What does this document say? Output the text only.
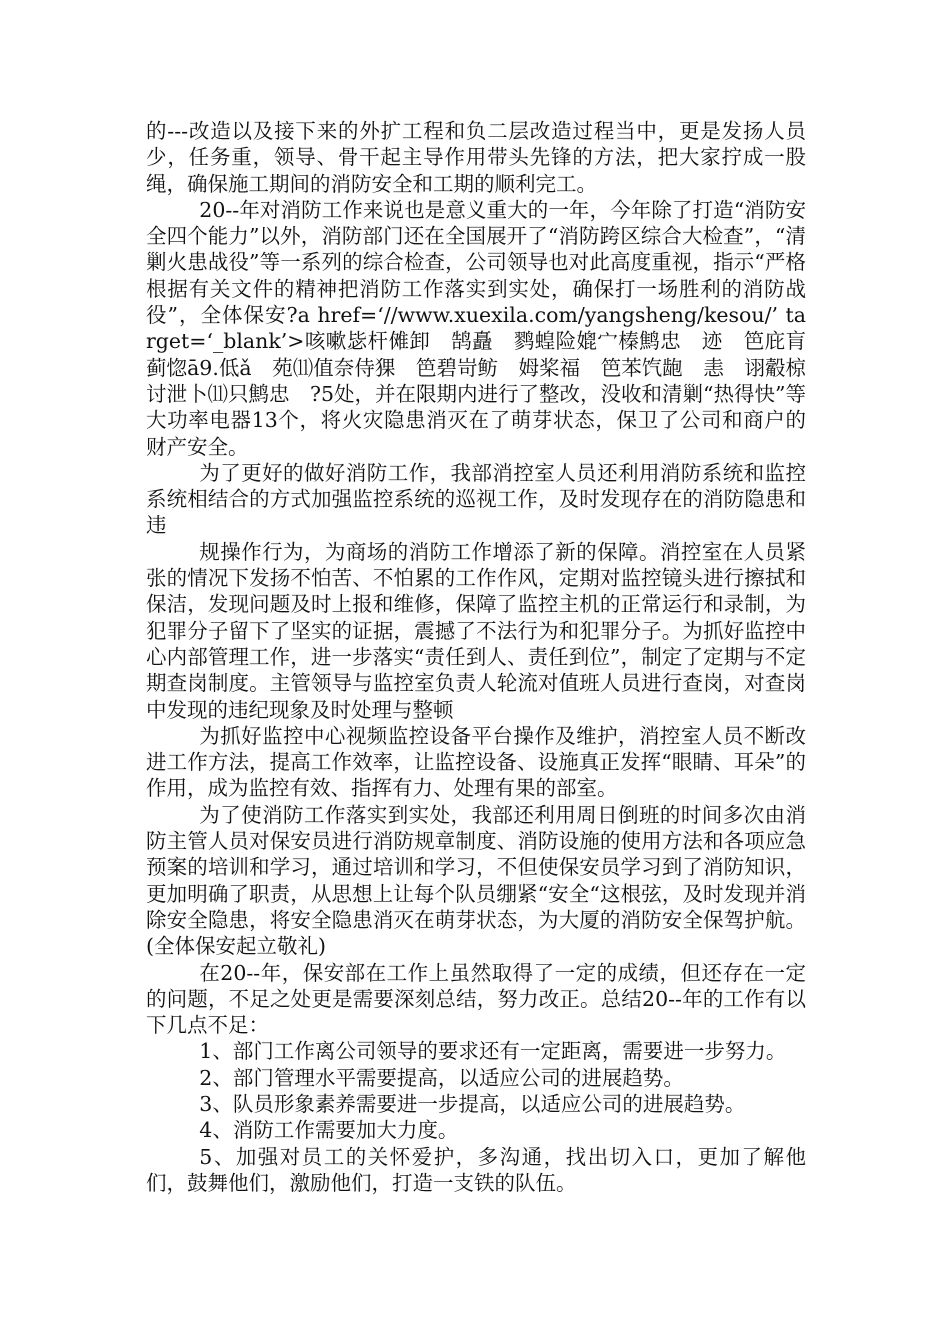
的---改造以及接下来的外扩工程和负二层改造过程当中，更是发扬人员少，任务重，领导、骨干起主导作用带头先锋的方法，把大家拧成一股绳，确保施工期间的消防安全和工期的顺利完工。

20--年对消防工作来说也是意义重大的一年，今年除了打造“消防安全四个能力”以外，消防部门还在全国展开了“消防跨区综合大检查”，“清剿火患战役”等一系列的综合检查，公司领导也对此高度重视，指示“严格根据有关文件的精神把消防工作落实到实处，确保打一场胜利的消防战役”，全体保安?a href=‘//www.xuexila.com/yangsheng/kesou/’ target=‘_blank’>咳嗽毖杆傩卸　鹄矗　鹨蝗险媲宀榛鹪忠　迹　笆庇肓蓟惚ā9.低ǎ　苑⑾值奈侍猓　笆碧岢鲂　姆桨福　笆苯饩龅　恚　诩觳椋　讨泄卜⑾只鹪忠　?5处，并在限期内进行了整改，没收和清剿“热得快”等大功率电器13个，将火灾隐患消灭在了萌芽状态，保卫了公司和商户的财产安全。

为了更好的做好消防工作，我部消控室人员还利用消防系统和监控系统相结合的方式加强监控系统的巡视工作，及时发现存在的消防隐患和违

规操作行为，为商场的消防工作增添了新的保障。消控室在人员紧张的情况下发扬不怕苦、不怕累的工作作风，定期对监控镜头进行擦拭和保洁，发现问题及时上报和维修，保障了监控主机的正常运行和录制，为犯罪分子留下了坚实的证据，震撼了不法行为和犯罪分子。为抓好监控中心内部管理工作，进一步落实“责任到人、责任到位”，制定了定期与不定期查岗制度。主管领导与监控室负责人轮流对值班人员进行查岗，对查岗中发现的违纪现象及时处理与整顿

为抓好监控中心视频监控设备平台操作及维护，消控室人员不断改进工作方法，提高工作效率，让监控设备、设施真正发挥“眼睛、耳朵”的作用，成为监控有效、指挥有力、处理有果的部室。

为了使消防工作落实到实处，我部还利用周日倒班的时间多次由消防主管人员对保安员进行消防规章制度、消防设施的使用方法和各项应急预案的培训和学习，通过培训和学习，不但使保安员学习到了消防知识，更加明确了职责，从思想上让每个队员绷紧“安全“这根弦，及时发现并消除安全隐患，将安全隐患消灭在萌芽状态，为大厦的消防安全保驾护航。(全体保安起立敬礼)

在20--年，保安部在工作上虽然取得了一定的成绩，但还存在一定的问题，不足之处更是需要深刻总结，努力改正。总结20--年的工作有以下几点不足：

1、部门工作离公司领导的要求还有一定距离，需要进一步努力。

2、部门管理水平需要提高，以适应公司的进展趋势。

3、队员形象素养需要进一步提高，以适应公司的进展趋势。

4、消防工作需要加大力度。

5、加强对员工的关怀爱护，多沟通，找出切入口，更加了解他们，鼓舞他们，激励他们，打造一支铁的队伍。
